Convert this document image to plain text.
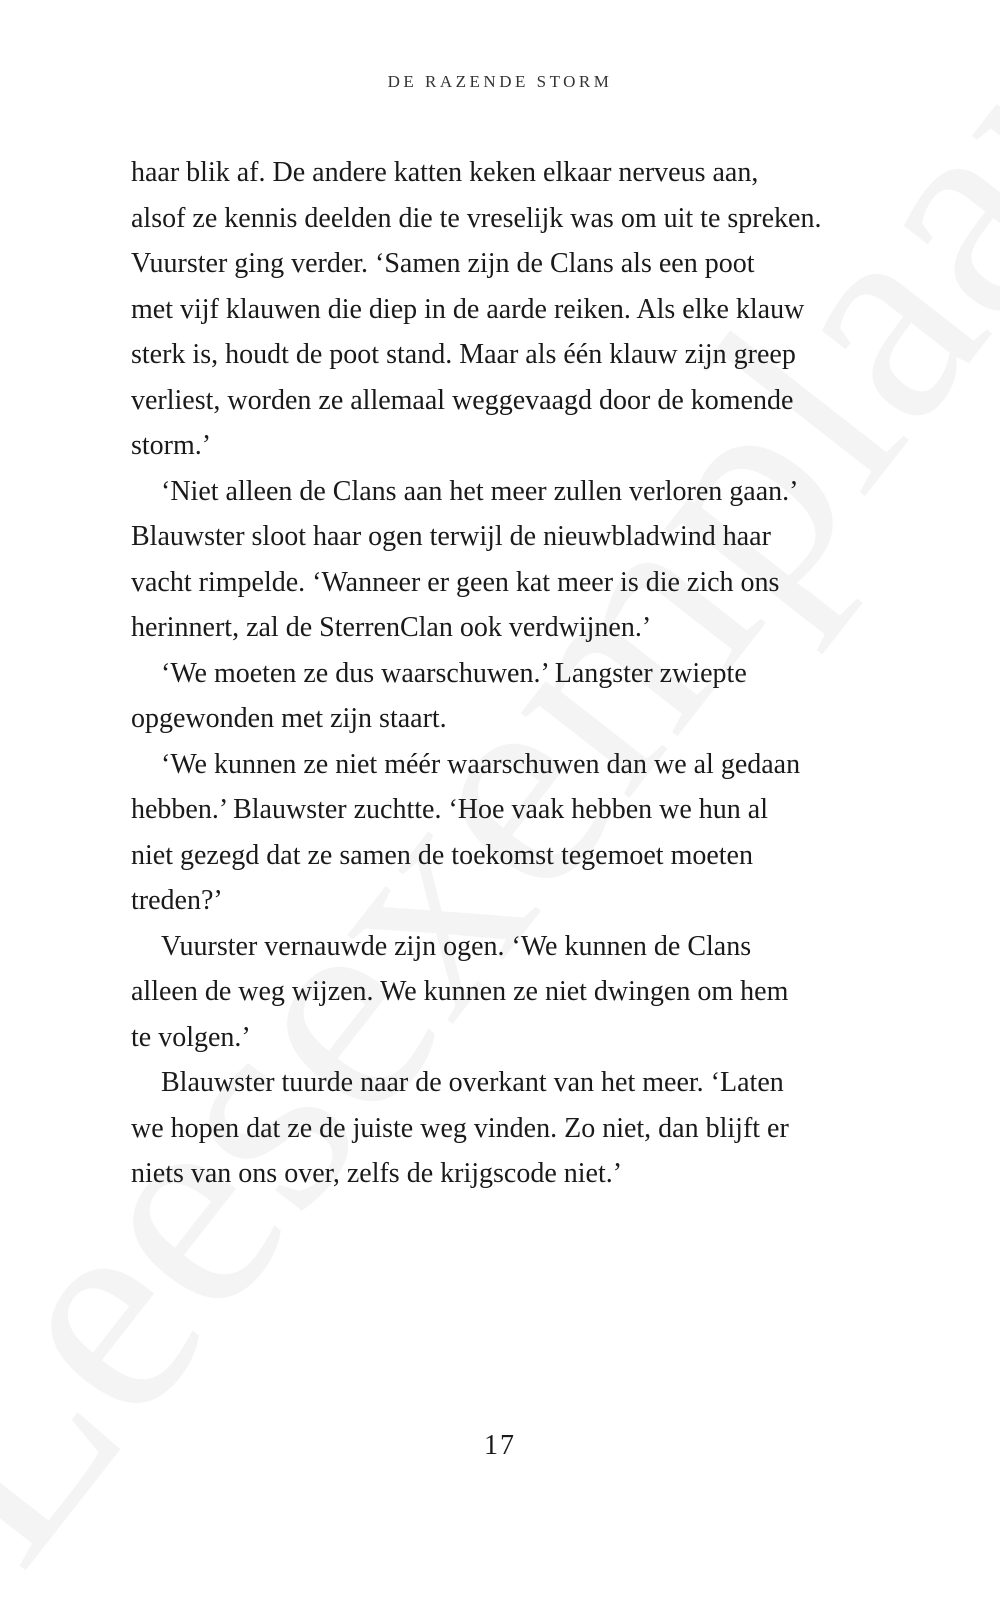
DE RAZENDE STORM
haar blik af. De andere katten keken elkaar nerveus aan,
alsof ze kennis deelden die te vreselijk was om uit te spreken.
Vuurster ging verder. ‘Samen zijn de Clans als een poot
met vijf klauwen die diep in de aarde reiken. Als elke klauw
sterk is, houdt de poot stand. Maar als één klauw zijn greep
verliest, worden ze allemaal weggevaagd door de komende
storm.’
‘Niet alleen de Clans aan het meer zullen verloren gaan.’
Blauwster sloot haar ogen terwijl de nieuwbladwind haar
vacht rimpelde. ‘Wanneer er geen kat meer is die zich ons
herinnert, zal de SterrenClan ook verdwijnen.’
‘We moeten ze dus waarschuwen.’ Langster zwiepte
opgewonden met zijn staart.
‘We kunnen ze niet méér waarschuwen dan we al gedaan
hebben.’ Blauwster zuchtte. ‘Hoe vaak hebben we hun al
niet gezegd dat ze samen de toekomst tegemoet moeten
treden?’
Vuurster vernauwde zijn ogen. ‘We kunnen de Clans
alleen de weg wijzen. We kunnen ze niet dwingen om hem
te volgen.’
Blauwster tuurde naar de overkant van het meer. ‘Laten
we hopen dat ze de juiste weg vinden. Zo niet, dan blijft er
niets van ons over, zelfs de krijgscode niet.’
17
